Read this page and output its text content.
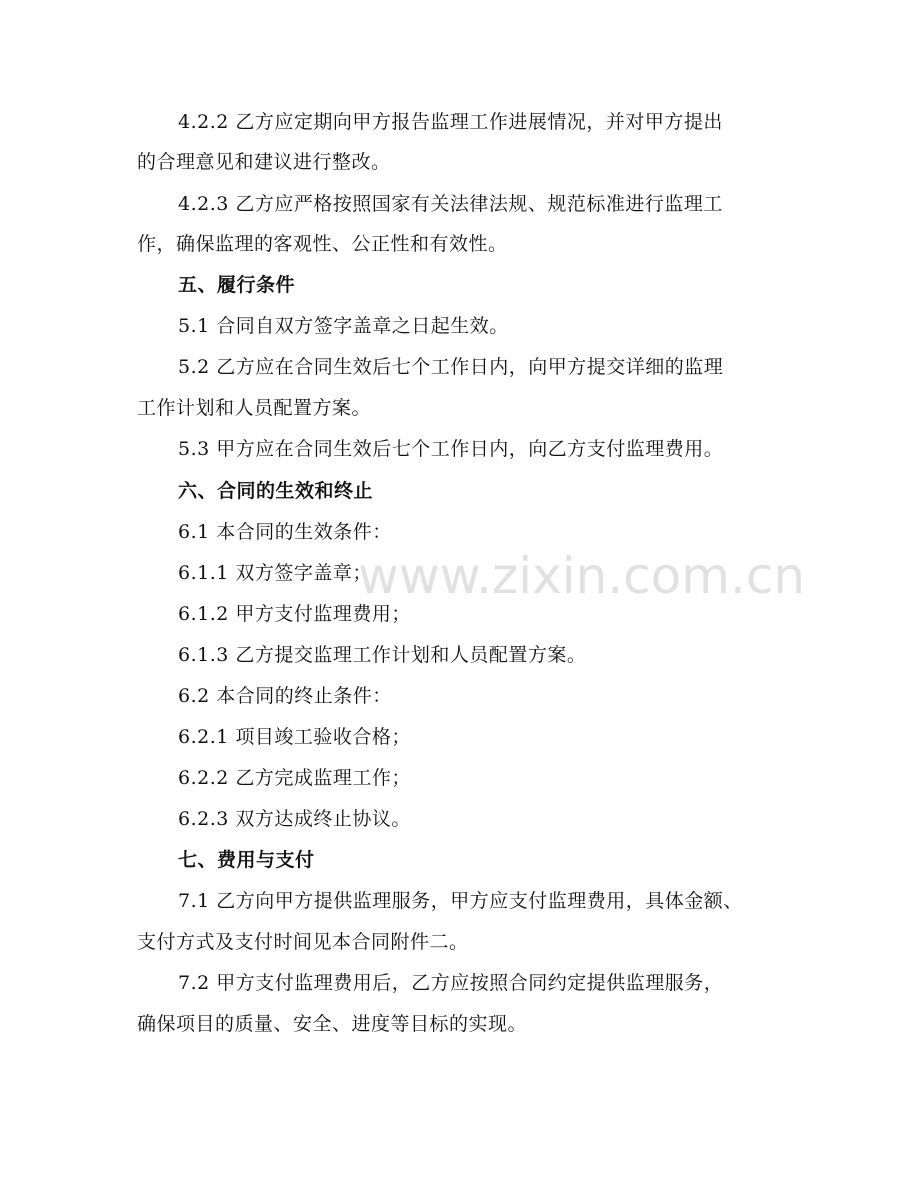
4.2.2 乙方应定期向甲方报告监理工作进展情况，并对甲方提出
的合理意见和建议进行整改。
4.2.3 乙方应严格按照国家有关法律法规、规范标准进行监理工
作，确保监理的客观性、公正性和有效性。
五、履行条件
5.1 合同自双方签字盖章之日起生效。
5.2 乙方应在合同生效后七个工作日内，向甲方提交详细的监理
工作计划和人员配置方案。
5.3 甲方应在合同生效后七个工作日内，向乙方支付监理费用。
六、合同的生效和终止
6.1 本合同的生效条件：
6.1.1 双方签字盖章；
6.1.2 甲方支付监理费用；
6.1.3 乙方提交监理工作计划和人员配置方案。
6.2 本合同的终止条件：
6.2.1 项目竣工验收合格；
6.2.2 乙方完成监理工作；
6.2.3 双方达成终止协议。
七、费用与支付
7.1 乙方向甲方提供监理服务，甲方应支付监理费用，具体金额、
支付方式及支付时间见本合同附件二。
7.2 甲方支付监理费用后，乙方应按照合同约定提供监理服务，
确保项目的质量、安全、进度等目标的实现。
www.zixin.com.cn
